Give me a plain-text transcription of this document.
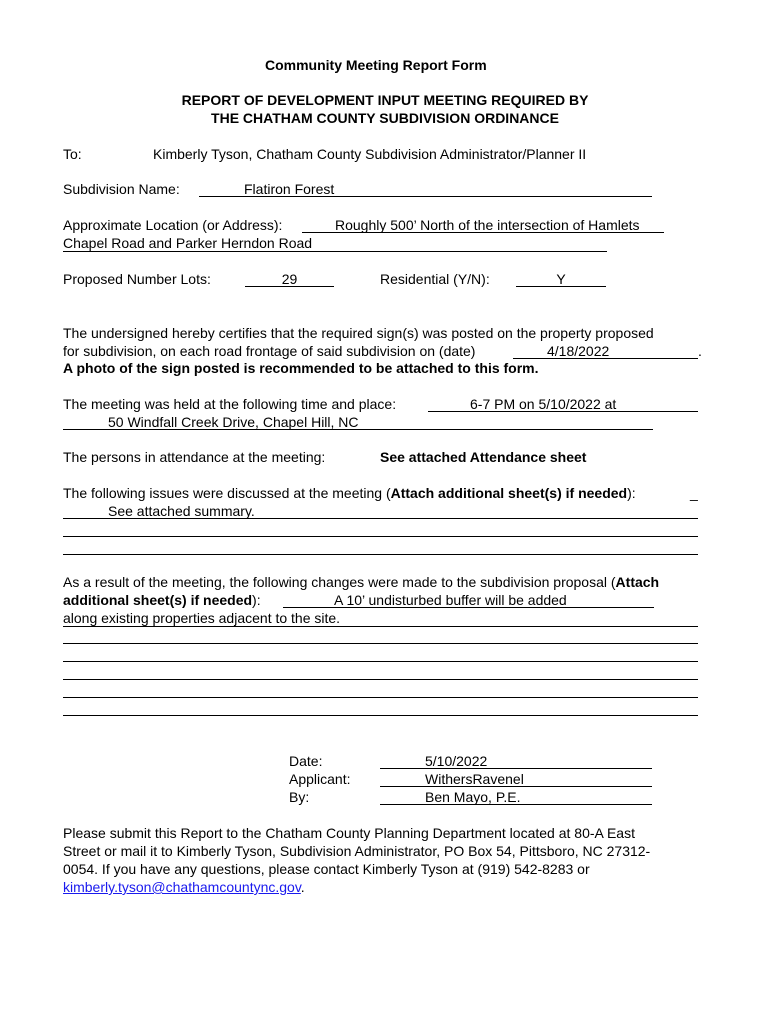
Community Meeting Report Form
REPORT OF DEVELOPMENT INPUT MEETING REQUIRED BY
THE CHATHAM COUNTY SUBDIVISION ORDINANCE
To:	Kimberly Tyson, Chatham County Subdivision Administrator/Planner II
Subdivision Name:	Flatiron Forest
Approximate Location (or Address):	Roughly 500’ North of the intersection of Hamlets
Chapel Road and Parker Herndon Road
Proposed Number Lots:	29	Residential (Y/N):	Y
The undersigned hereby certifies that the required sign(s) was posted on the property proposed
for subdivision, on each road frontage of said subdivision on (date)	4/18/2022	.
A photo of the sign posted is recommended to be attached to this form.
The meeting was held at the following time and place:	6-7 PM on 5/10/2022 at
50 Windfall Creek Drive, Chapel Hill, NC
The persons in attendance at the meeting:	See attached Attendance sheet
The following issues were discussed at the meeting (Attach additional sheet(s) if needed):	_
See attached summary.
As a result of the meeting, the following changes were made to the subdivision proposal (Attach
additional sheet(s) if needed):	A 10’ undisturbed buffer will be added
along existing properties adjacent to the site.
Date:	5/10/2022
Applicant:	WithersRavenel
By:	Ben Mayo, P.E.
Please submit this Report to the Chatham County Planning Department located at 80-A East
Street or mail it to Kimberly Tyson, Subdivision Administrator, PO Box 54, Pittsboro, NC 27312-
0054. If you have any questions, please contact Kimberly Tyson at (919) 542-8283 or
kimberly.tyson@chathamcountync.gov.
